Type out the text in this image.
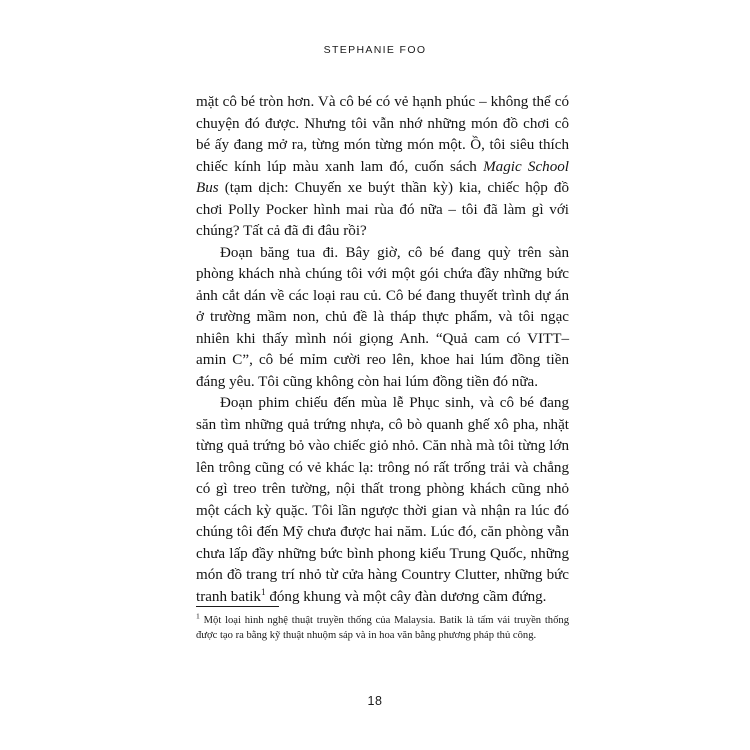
STEPHANIE FOO

mặt cô bé tròn hơn. Và cô bé có vẻ hạnh phúc – không thể có chuyện đó được. Nhưng tôi vẫn nhớ những món đồ chơi cô bé ấy đang mở ra, từng món từng món một. Ồ, tôi siêu thích chiếc kính lúp màu xanh lam đó, cuốn sách Magic School Bus (tạm dịch: Chuyến xe buýt thần kỳ) kia, chiếc hộp đồ chơi Polly Pocker hình mai rùa đó nữa – tôi đã làm gì với chúng? Tất cả đã đi đâu rồi?

Đoạn băng tua đi. Bây giờ, cô bé đang quỳ trên sàn phòng khách nhà chúng tôi với một gói chứa đầy những bức ảnh cắt dán về các loại rau củ. Cô bé đang thuyết trình dự án ở trường mầm non, chủ đề là tháp thực phẩm, và tôi ngạc nhiên khi thấy mình nói giọng Anh. “Quả cam có VITT–amin C”, cô bé mỉm cười reo lên, khoe hai lúm đồng tiền đáng yêu. Tôi cũng không còn hai lúm đồng tiền đó nữa.

Đoạn phim chiếu đến mùa lễ Phục sinh, và cô bé đang săn tìm những quả trứng nhựa, cô bò quanh ghế xô pha, nhặt từng quả trứng bỏ vào chiếc giỏ nhỏ. Căn nhà mà tôi từng lớn lên trông cũng có vẻ khác lạ: trông nó rất trống trải và chẳng có gì treo trên tường, nội thất trong phòng khách cũng nhỏ một cách kỳ quặc. Tôi lần ngược thời gian và nhận ra lúc đó chúng tôi đến Mỹ chưa được hai năm. Lúc đó, căn phòng vẫn chưa lấp đầy những bức bình phong kiểu Trung Quốc, những món đồ trang trí nhỏ từ cửa hàng Country Clutter, những bức tranh batik$^1$ đóng khung và một cây đàn dương cầm đứng.

$^1$ Một loại hình nghệ thuật truyền thống của Malaysia. Batik là tấm vải truyền thống được tạo ra bằng kỹ thuật nhuộm sáp và in hoa văn bằng phương pháp thủ công.

18
